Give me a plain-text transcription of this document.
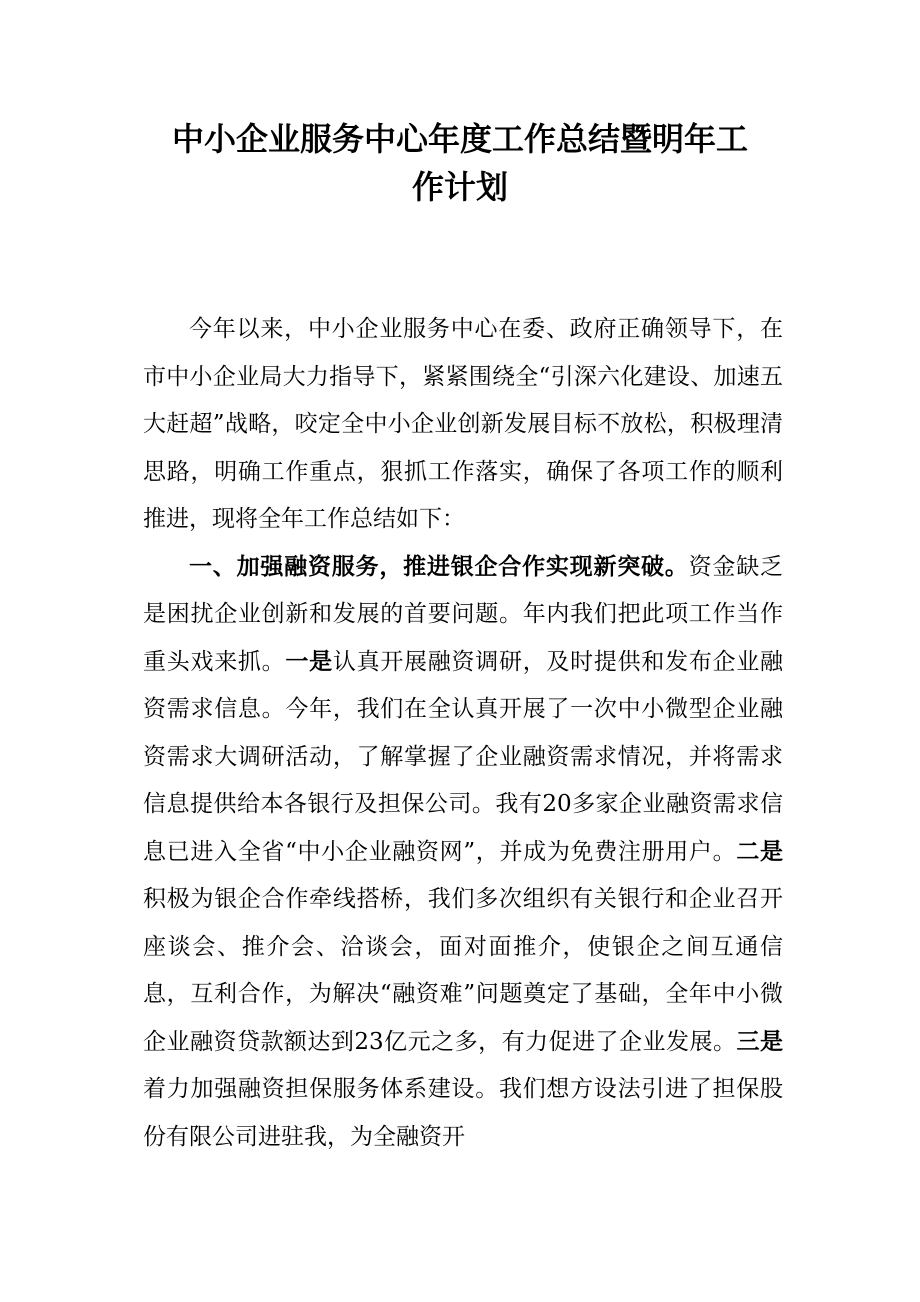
中小企业服务中心年度工作总结暨明年工
作计划

今年以来，中小企业服务中心在委、政府正确领导下，在市中小企业局大力指导下，紧紧围绕全“引深六化建设、加速五大赶超”战略，咬定全中小企业创新发展目标不放松，积极理清思路，明确工作重点，狠抓工作落实，确保了各项工作的顺利推进，现将全年工作总结如下：

一、加强融资服务，推进银企合作实现新突破。资金缺乏是困扰企业创新和发展的首要问题。年内我们把此项工作当作重头戏来抓。一是认真开展融资调研，及时提供和发布企业融资需求信息。今年，我们在全认真开展了一次中小微型企业融资需求大调研活动，了解掌握了企业融资需求情况，并将需求信息提供给本各银行及担保公司。我有20多家企业融资需求信息已进入全省“中小企业融资网”，并成为免费注册用户。二是积极为银企合作牵线搭桥，我们多次组织有关银行和企业召开座谈会、推介会、洽谈会，面对面推介，使银企之间互通信息，互利合作，为解决“融资难”问题奠定了基础，全年中小微企业融资贷款额达到23亿元之多，有力促进了企业发展。三是着力加强融资担保服务体系建设。我们想方设法引进了担保股份有限公司进驻我，为全融资开
